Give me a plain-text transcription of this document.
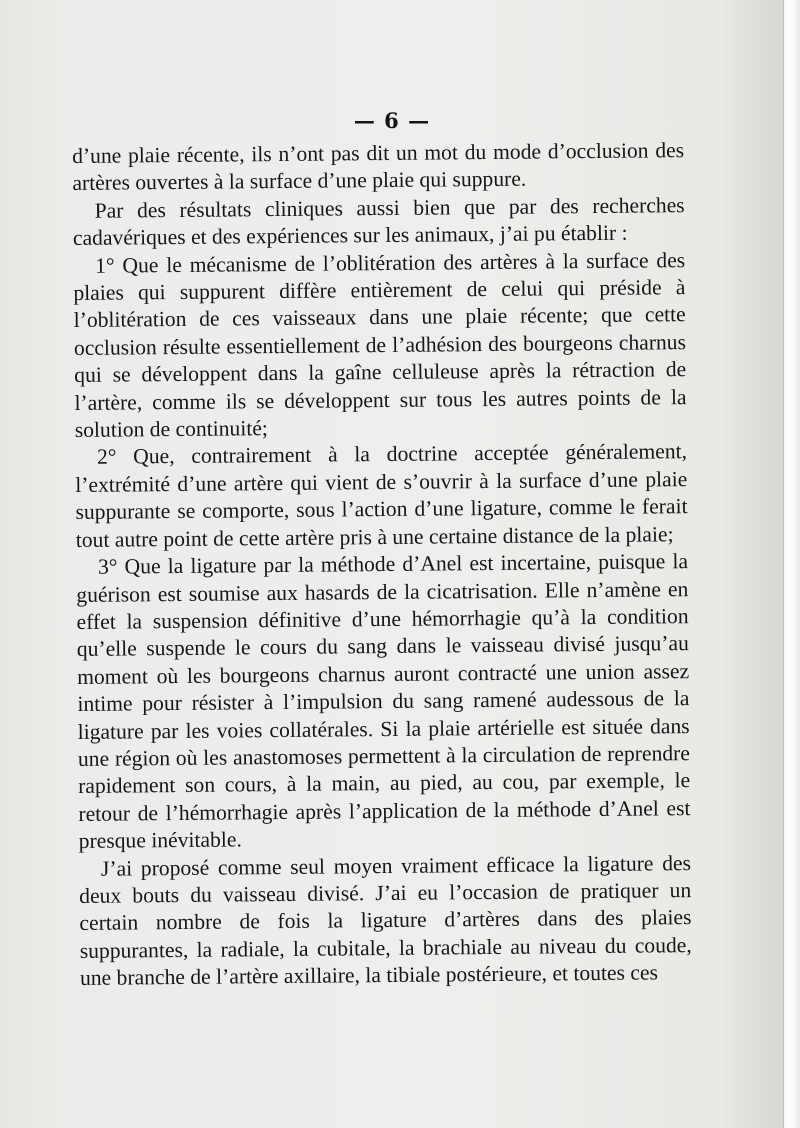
— 6 —

d’une plaie récente, ils n’ont pas dit un mot du mode d’occlusion des artères ouvertes à la surface d’une plaie qui suppure.

Par des résultats cliniques aussi bien que par des recherches cadavériques et des expériences sur les animaux, j’ai pu établir :

1° Que le mécanisme de l’oblitération des artères à la surface des plaies qui suppurent diffère entièrement de celui qui préside à l’oblitération de ces vaisseaux dans une plaie récente; que cette occlusion résulte essentiellement de l’adhésion des bourgeons charnus qui se développent dans la gaîne celluleuse après la rétraction de l’artère, comme ils se développent sur tous les autres points de la solution de continuité;

2° Que, contrairement à la doctrine acceptée généralement, l’extrémité d’une artère qui vient de s’ouvrir à la surface d’une plaie suppurante se comporte, sous l’action d’une ligature, comme le ferait tout autre point de cette artère pris à une certaine distance de la plaie;

3° Que la ligature par la méthode d’Anel est incertaine, puisque la guérison est soumise aux hasards de la cicatrisation. Elle n’amène en effet la suspension définitive d’une hémorrhagie qu’à la condition qu’elle suspende le cours du sang dans le vaisseau divisé jusqu’au moment où les bourgeons charnus auront contracté une union assez intime pour résister à l’impulsion du sang ramené audessous de la ligature par les voies collatérales. Si la plaie artérielle est située dans une région où les anastomoses permettent à la circulation de reprendre rapidement son cours, à la main, au pied, au cou, par exemple, le retour de l’hémorrhagie après l’application de la méthode d’Anel est presque inévitable.

J’ai proposé comme seul moyen vraiment efficace la ligature des deux bouts du vaisseau divisé. J’ai eu l’occasion de pratiquer un certain nombre de fois la ligature d’artères dans des plaies suppurantes, la radiale, la cubitale, la brachiale au niveau du coude, une branche de l’artère axillaire, la tibiale postérieure, et toutes ces
